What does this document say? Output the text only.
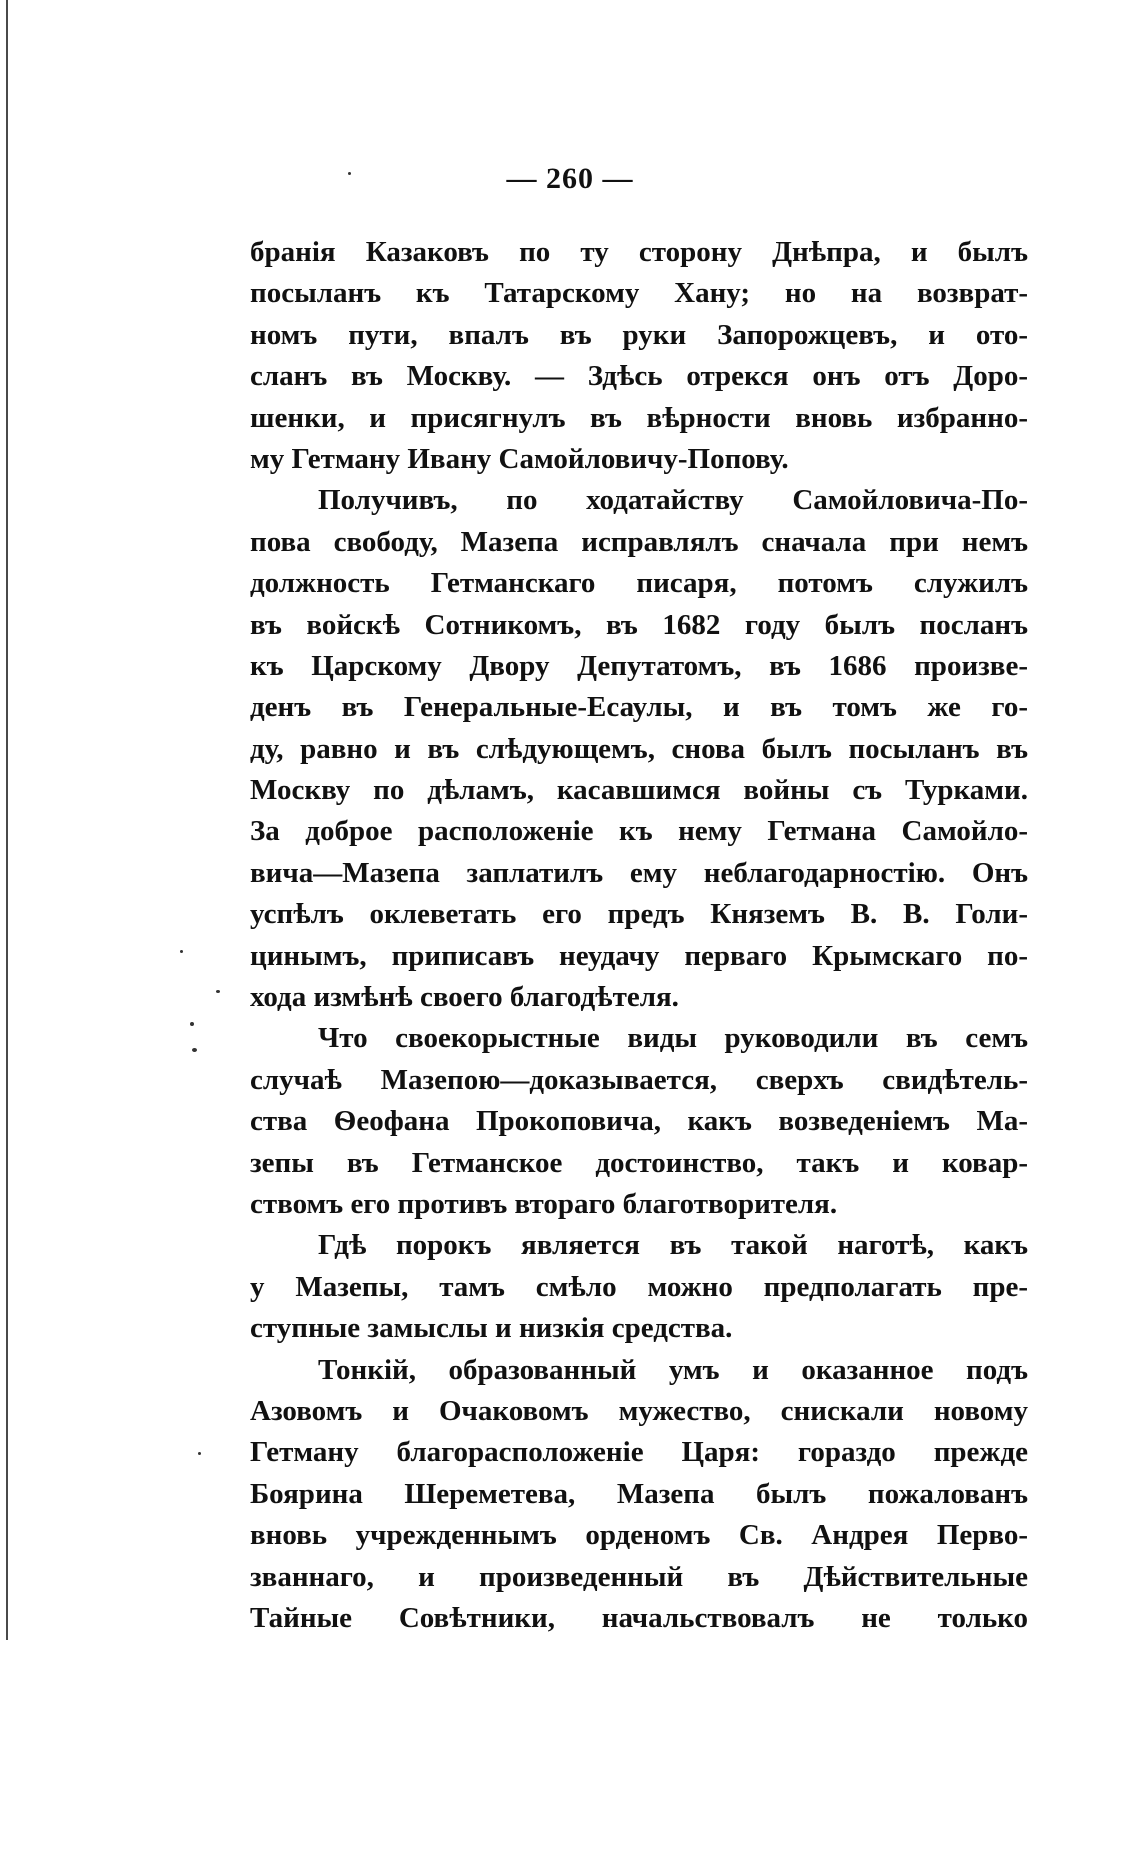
— 260 —
бранія Казаковъ по ту сторону Днѣпра, и былъ
посыланъ къ Татарскому Хану; но на возврат-
номъ пути, впалъ въ руки Запорожцевъ, и ото-
сланъ въ Москву. — Здѣсь отрекся онъ отъ Доро-
шенки, и присягнулъ въ вѣрности вновь избранно-
му Гетману Ивану Самойловичу-Попову.
Получивъ, по ходатайству Самойловича-По-
пова свободу, Мазепа исправлялъ сначала при немъ
должность Гетманскаго писаря, потомъ служилъ
въ войскѣ Сотникомъ, въ 1682 году былъ посланъ
къ Царскому Двору Депутатомъ, въ 1686 произве-
денъ въ Генеральные-Есаулы, и въ томъ же го-
ду, равно и въ слѣдующемъ, снова былъ посыланъ въ
Москву по дѣламъ, касавшимся войны съ Турками.
За доброе расположеніе къ нему Гетмана Самойло-
вича—Мазепа заплатилъ ему неблагодарностію. Онъ
успѣлъ оклеветать его предъ Княземъ В. В. Голи-
цинымъ, приписавъ неудачу перваго Крымскаго по-
хода измѣнѣ своего благодѣтеля.
Что своекорыстные виды руководили въ семъ
случаѣ Мазепою—доказывается, сверхъ свидѣтель-
ства Ѳеофана Прокоповича, какъ возведеніемъ Ма-
зепы въ Гетманское достоинство, такъ и ковар-
ствомъ его противъ втораго благотворителя.
Гдѣ порокъ является въ такой наготѣ, какъ
у Мазепы, тамъ смѣло можно предполагать пре-
ступные замыслы и низкія средства.
Тонкій, образованный умъ и оказанное подъ
Азовомъ и Очаковомъ мужество, снискали новому
Гетману благорасположеніе Царя: гораздо прежде
Боярина Шереметева, Мазепа былъ пожалованъ
вновь учрежденнымъ орденомъ Св. Андрея Перво-
званнаго, и произведенный въ Дѣйствительные
Тайные Совѣтники, начальствовалъ не только
